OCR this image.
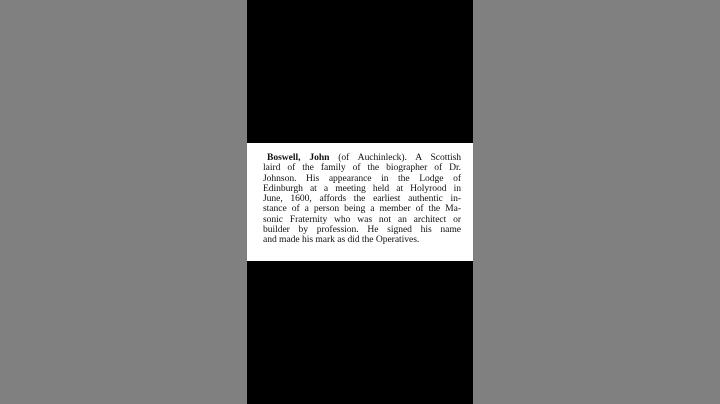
Boswell, John (of Auchinleck). A Scottish
laird of the family of the biographer of Dr.
Johnson. His appearance in the Lodge of
Edinburgh at a meeting held at Holyrood in
June, 1600, affords the earliest authentic in-
stance of a person being a member of the Ma-
sonic Fraternity who was not an architect or
builder by profession. He signed his name
and made his mark as did the Operatives.
